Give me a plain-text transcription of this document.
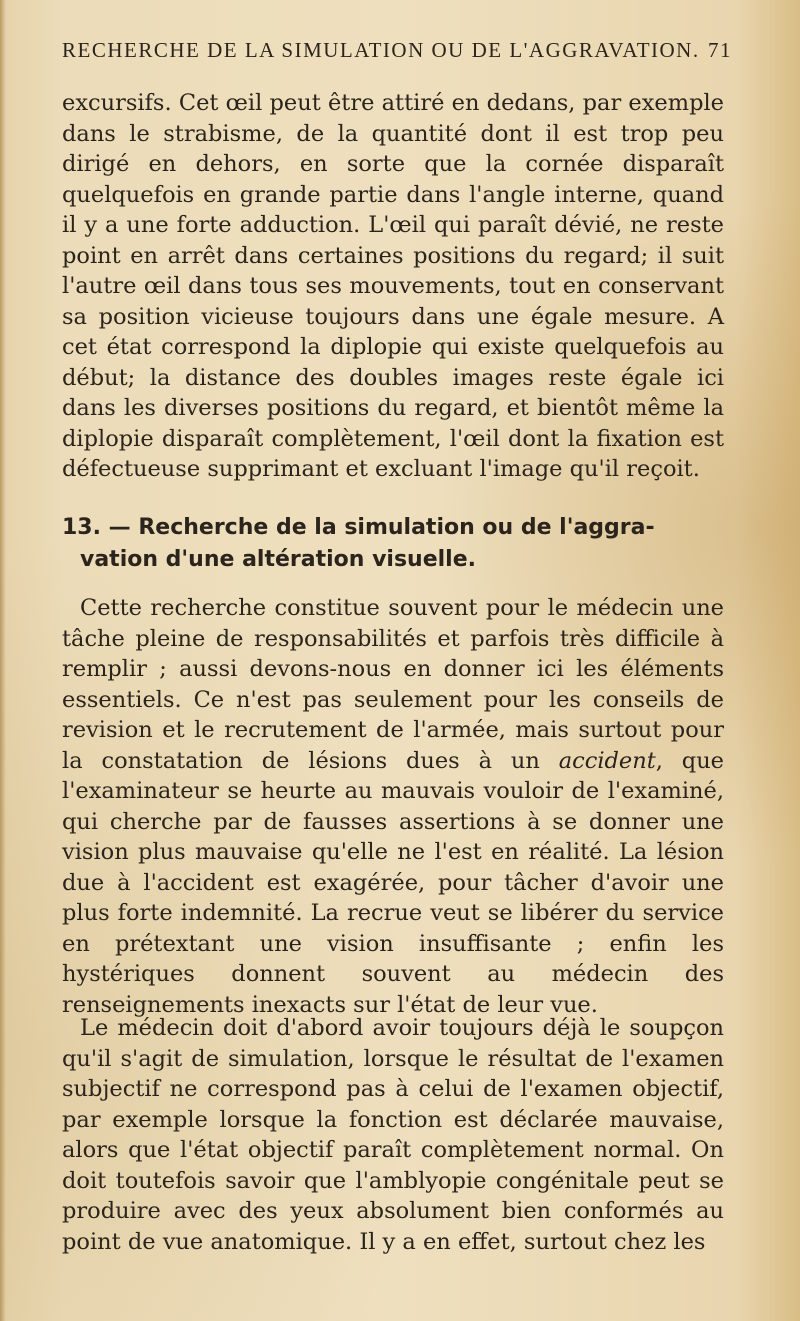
RECHERCHE DE LA SIMULATION OU DE L'AGGRAVATION. 71
excursifs. Cet œil peut être attiré en dedans, par exemple dans le strabisme, de la quantité dont il est trop peu dirigé en dehors, en sorte que la cornée disparaît quelquefois en grande partie dans l'angle interne, quand il y a une forte adduction. L'œil qui paraît dévié, ne reste point en arrêt dans certaines positions du regard; il suit l'autre œil dans tous ses mouvements, tout en conservant sa position vicieuse toujours dans une égale mesure. A cet état correspond la diplopie qui existe quelquefois au début; la distance des doubles images reste égale ici dans les diverses positions du regard, et bientôt même la diplopie disparaît complètement, l'œil dont la fixation est défectueuse supprimant et excluant l'image qu'il reçoit.
13. — Recherche de la simulation ou de l'aggra-
vation d'une altération visuelle.
Cette recherche constitue souvent pour le médecin une tâche pleine de responsabilités et parfois très difficile à remplir ; aussi devons-nous en donner ici les éléments essentiels. Ce n'est pas seulement pour les conseils de revision et le recrutement de l'armée, mais surtout pour la constatation de lésions dues à un accident, que l'examinateur se heurte au mauvais vouloir de l'examiné, qui cherche par de fausses assertions à se donner une vision plus mauvaise qu'elle ne l'est en réalité. La lésion due à l'accident est exagérée, pour tâcher d'avoir une plus forte indemnité. La recrue veut se libérer du service en prétextant une vision insuffisante ; enfin les hystériques donnent souvent au médecin des renseignements inexacts sur l'état de leur vue.
Le médecin doit d'abord avoir toujours déjà le soupçon qu'il s'agit de simulation, lorsque le résultat de l'examen subjectif ne correspond pas à celui de l'examen objectif, par exemple lorsque la fonction est déclarée mauvaise, alors que l'état objectif paraît complètement normal. On doit toutefois savoir que l'amblyopie congénitale peut se produire avec des yeux absolument bien conformés au point de vue anatomique. Il y a en effet, surtout chez les
